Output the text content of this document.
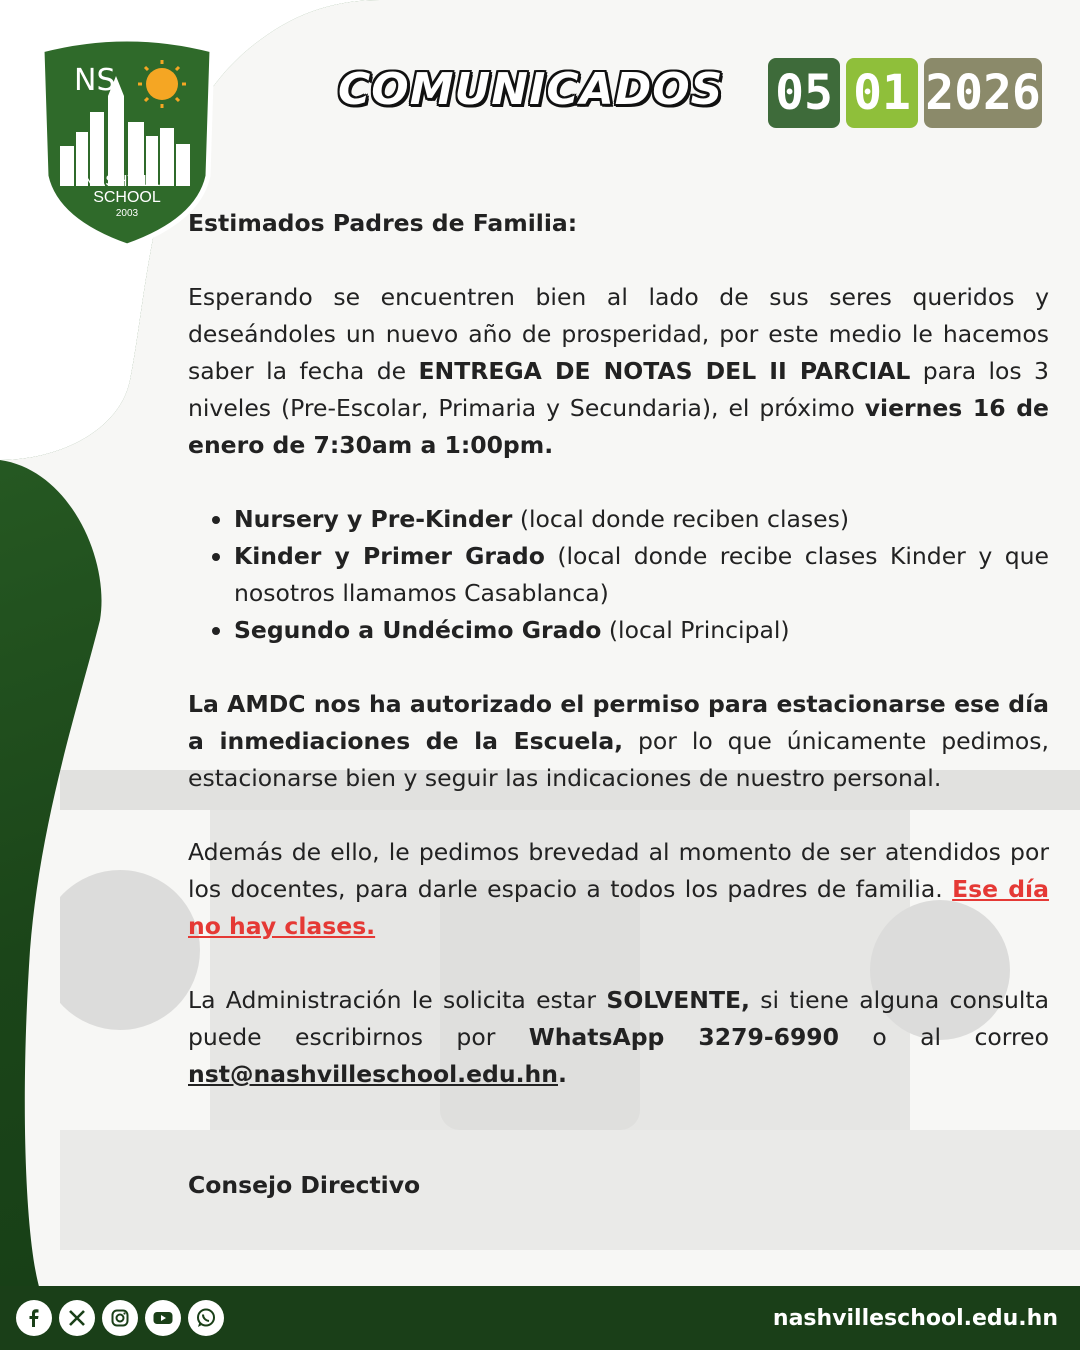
NS
NASHVILLE
SCHOOL
2003
COMUNICADOS 05 01 2026

Estimados Padres de Familia:

Esperando se encuentren bien al lado de sus seres queridos y deseándoles un nuevo año de prosperidad, por este medio le hacemos saber la fecha de ENTREGA DE NOTAS DEL II PARCIAL para los 3 niveles (Pre-Escolar, Primaria y Secundaria), el próximo viernes 16 de enero de 7:30am a 1:00pm.

Nursery y Pre-Kinder (local donde reciben clases)
Kinder y Primer Grado (local donde recibe clases Kinder y que nosotros llamamos Casablanca)
Segundo a Undécimo Grado (local Principal)

La AMDC nos ha autorizado el permiso para estacionarse ese día a inmediaciones de la Escuela, por lo que únicamente pedimos, estacionarse bien y seguir las indicaciones de nuestro personal.

Además de ello, le pedimos brevedad al momento de ser atendidos por los docentes, para darle espacio a todos los padres de familia. Ese día no hay clases.

La Administración le solicita estar SOLVENTE, si tiene alguna consulta puede escribirnos por WhatsApp 3279-6990 o al correo nst@nashvilleschool.edu.hn.

Consejo Directivo

nashvilleschool.edu.hn
